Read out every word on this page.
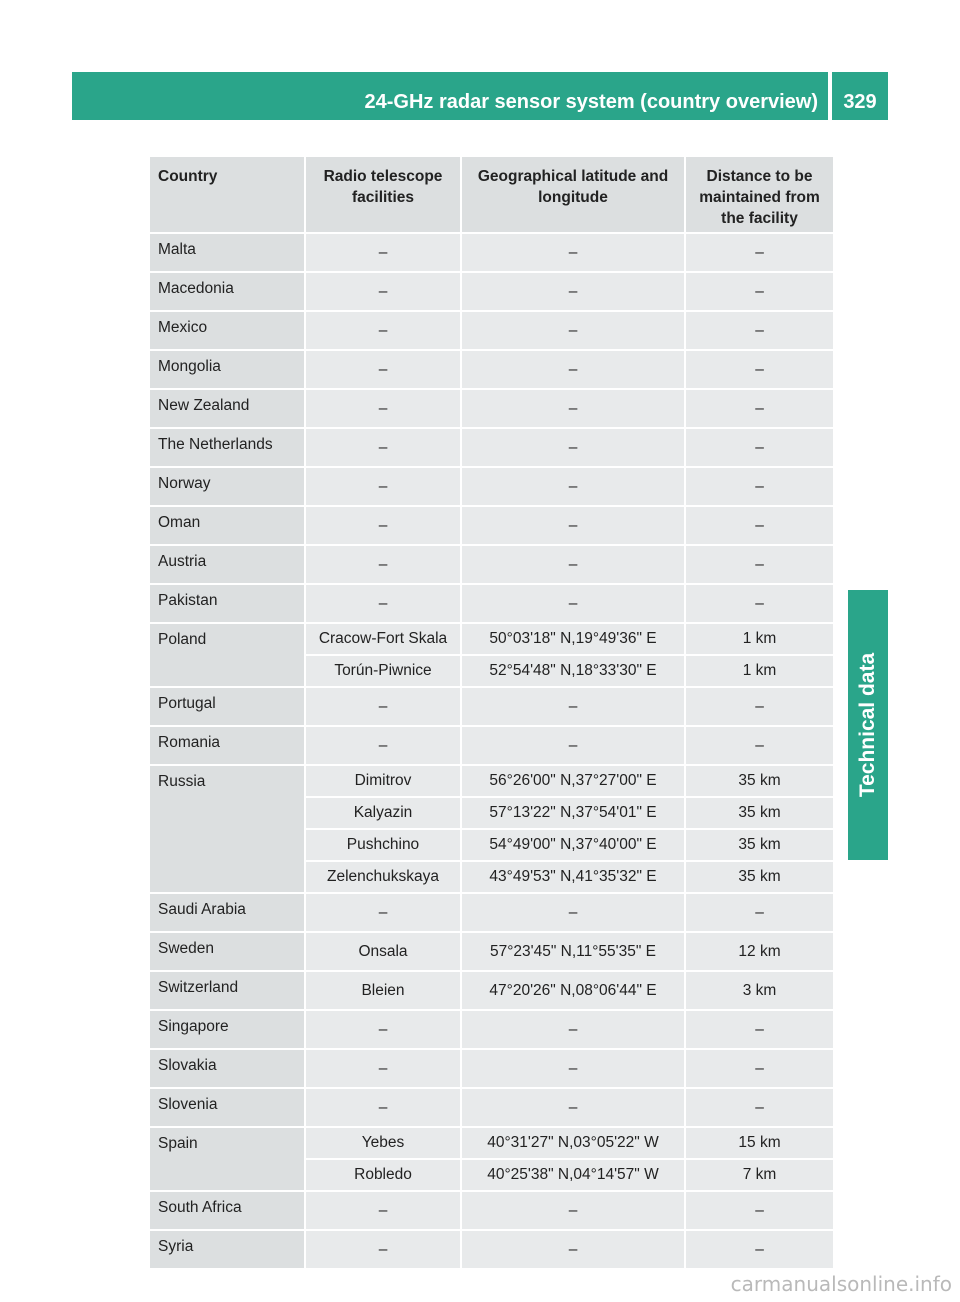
24-GHz radar sensor system (country overview)	329
Technical data
Country	Radio telescope facilities	Geographical latitude and longitude	Distance to be maintained from the facility
Malta	–	–	–
Macedonia	–	–	–
Mexico	–	–	–
Mongolia	–	–	–
New Zealand	–	–	–
The Netherlands	–	–	–
Norway	–	–	–
Oman	–	–	–
Austria	–	–	–
Pakistan	–	–	–
Poland	Cracow-Fort Skala	50°03'18" N,19°49'36" E	1 km
	Torún-Piwnice	52°54'48" N,18°33'30" E	1 km
Portugal	–	–	–
Romania	–	–	–
Russia	Dimitrov	56°26'00" N,37°27'00" E	35 km
	Kalyazin	57°13'22" N,37°54'01" E	35 km
	Pushchino	54°49'00" N,37°40'00" E	35 km
	Zelenchukskaya	43°49'53" N,41°35'32" E	35 km
Saudi Arabia	–	–	–
Sweden	Onsala	57°23'45" N,11°55'35" E	12 km
Switzerland	Bleien	47°20'26" N,08°06'44" E	3 km
Singapore	–	–	–
Slovakia	–	–	–
Slovenia	–	–	–
Spain	Yebes	40°31'27" N,03°05'22" W	15 km
	Robledo	40°25'38" N,04°14'57" W	7 km
South Africa	–	–	–
Syria	–	–	–
carmanualsonline.info
